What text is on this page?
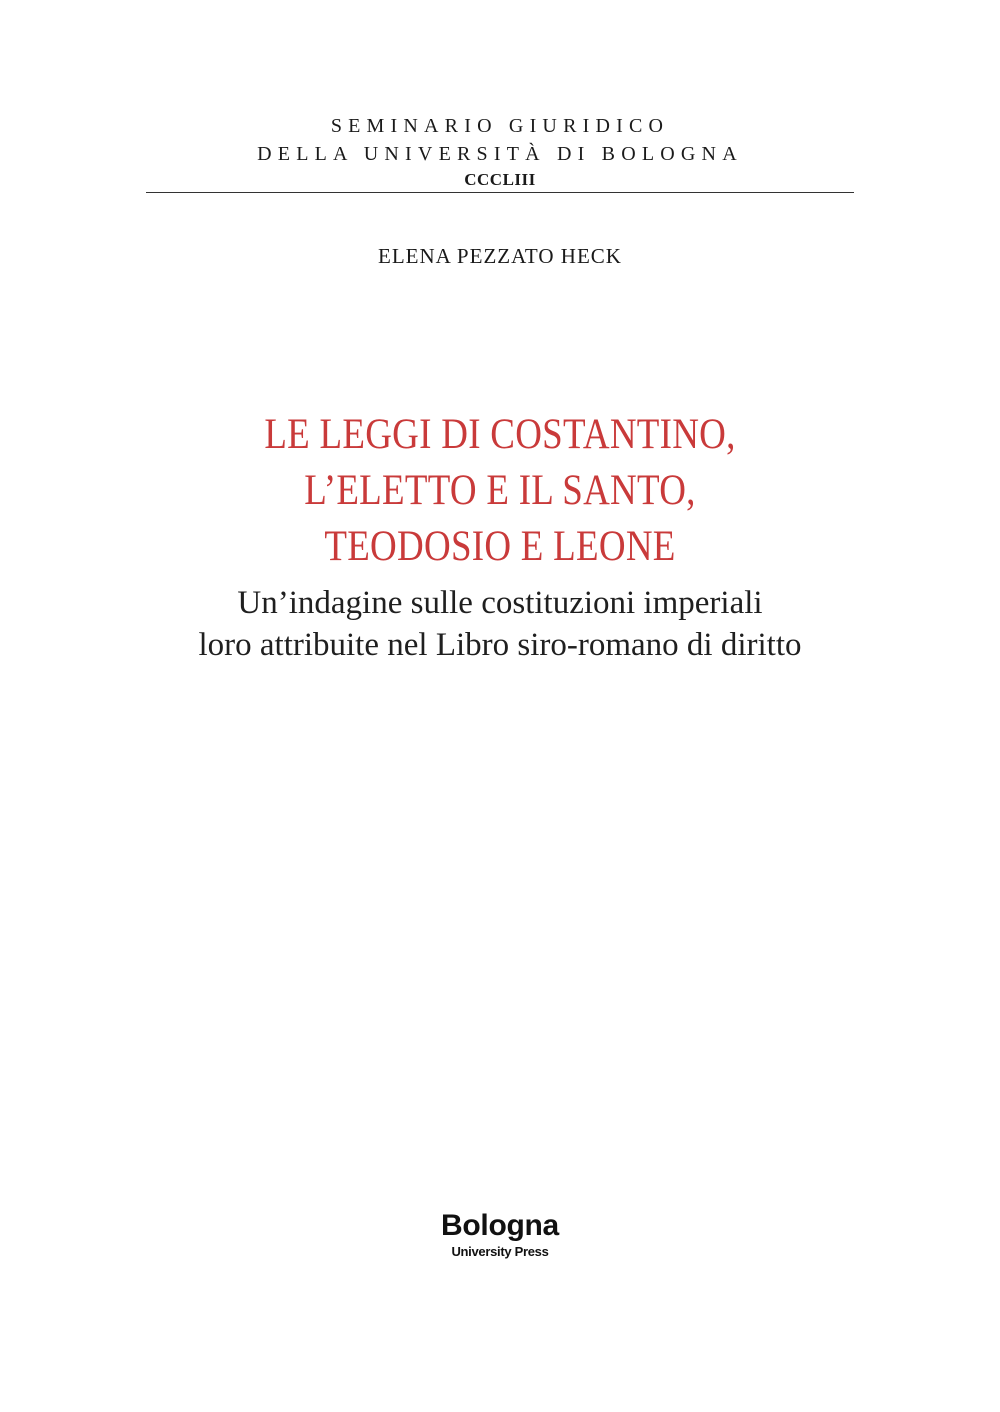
SEMINARIO GIURIDICO
DELLA UNIVERSITÀ DI BOLOGNA
CCCLIII
ELENA PEZZATO HECK
LE LEGGI DI COSTANTINO,
L’ELETTO E IL SANTO,
TEODOSIO E LEONE
Un’indagine sulle costituzioni imperiali
loro attribuite nel Libro siro-romano di diritto
Bologna
University Press
